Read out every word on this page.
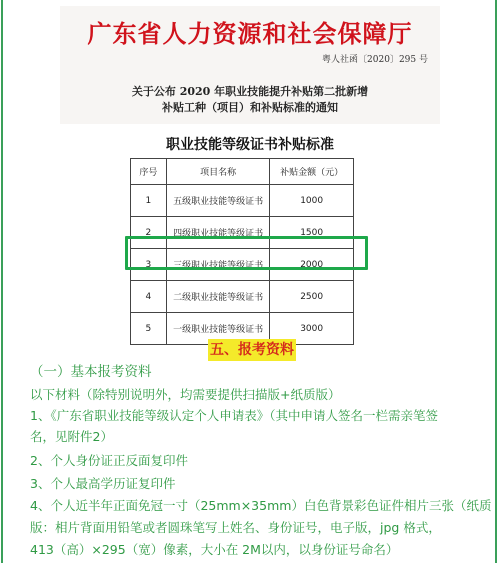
广东省人力资源和社会保障厅
粤人社函〔2020〕295 号
关于公布 2020 年职业技能提升补贴第二批新增
补贴工种（项目）和补贴标准的通知
职业技能等级证书补贴标准
序号	项目名称	补贴金额（元）
1	五级职业技能等级证书	1000
2	四级职业技能等级证书	1500
3	三级职业技能等级证书	2000
4	二级职业技能等级证书	2500
5	一级职业技能等级证书	3000
五、报考资料
（一）基本报考资料
以下材料（除特别说明外，均需要提供扫描版+纸质版）
1、《广东省职业技能等级认定个人申请表》（其中申请人签名一栏需亲笔签
名，见附件2）
2、个人身份证正反面复印件
3、个人最高学历证复印件
4、个人近半年正面免冠一寸（25mm×35mm）白色背景彩色证件相片三张（纸质
版：相片背面用铅笔或者圆珠笔写上姓名、身份证号，电子版，jpg 格式，
413（高）×295（宽）像素，大小在 2M以内，以身份证号命名）
